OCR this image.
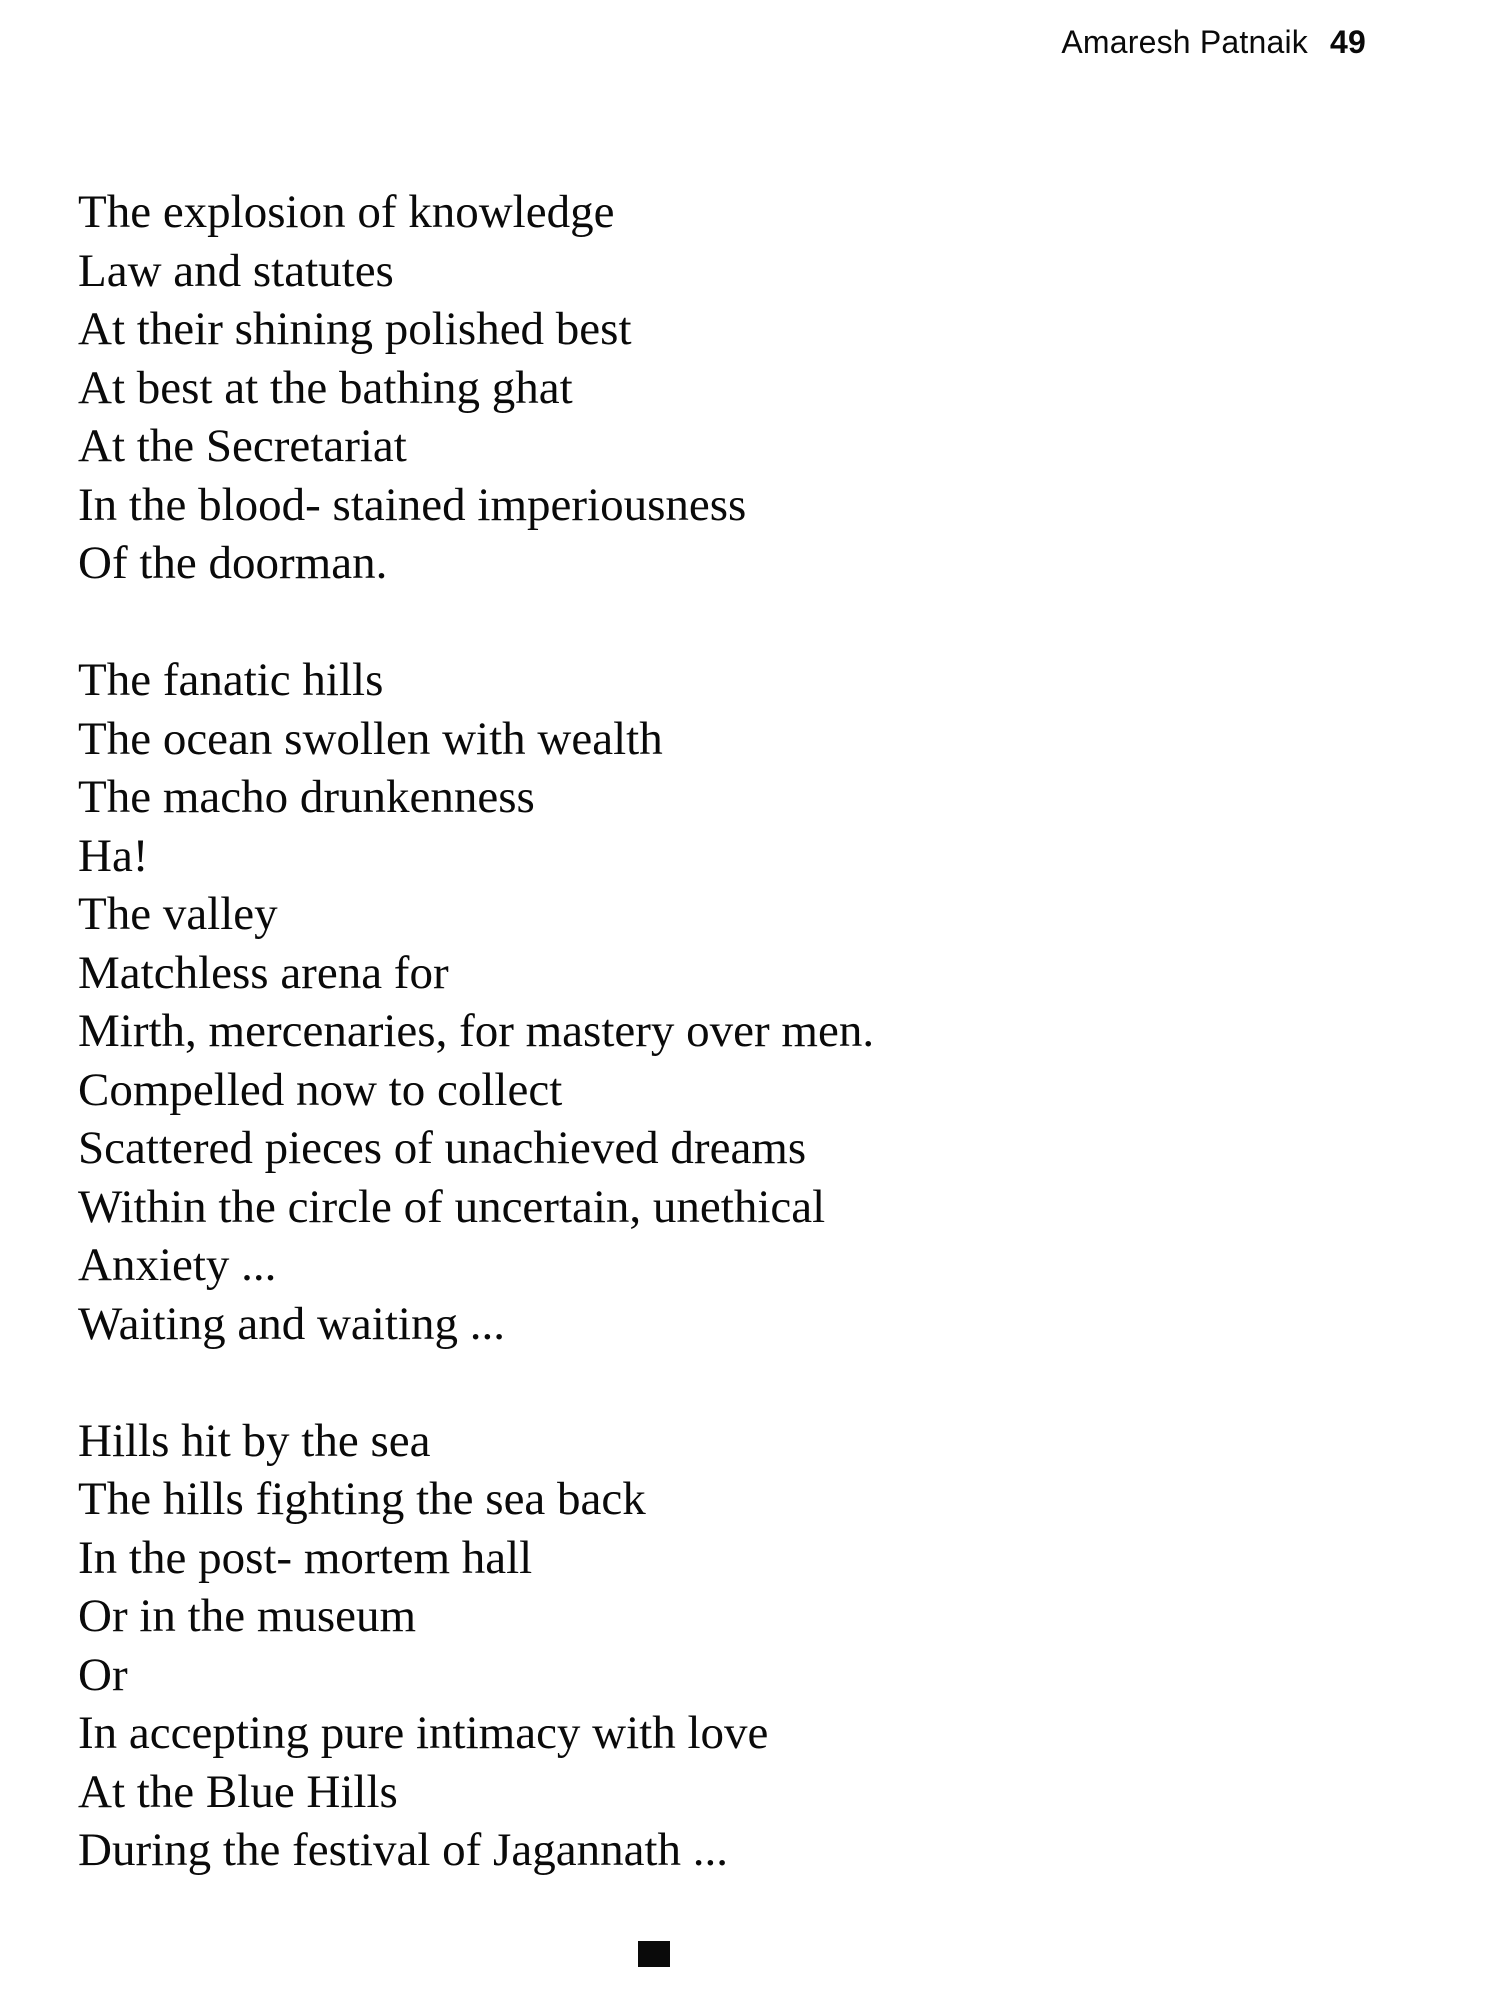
Amaresh Patnaik 49
The explosion of knowledge
Law and statutes
At their shining polished best
At best at the bathing ghat
At the Secretariat
In the blood- stained imperiousness
Of the doorman.
The fanatic hills
The ocean swollen with wealth
The macho drunkenness
Ha!
The valley
Matchless arena for
Mirth, mercenaries, for mastery over men.
Compelled now to collect
Scattered pieces of unachieved dreams
Within the circle of uncertain, unethical
Anxiety ...
Waiting and waiting ...
Hills hit by the sea
The hills fighting the sea back
In the post- mortem hall
Or in the museum
Or
In accepting pure intimacy with love
At the Blue Hills
During the festival of Jagannath ...
